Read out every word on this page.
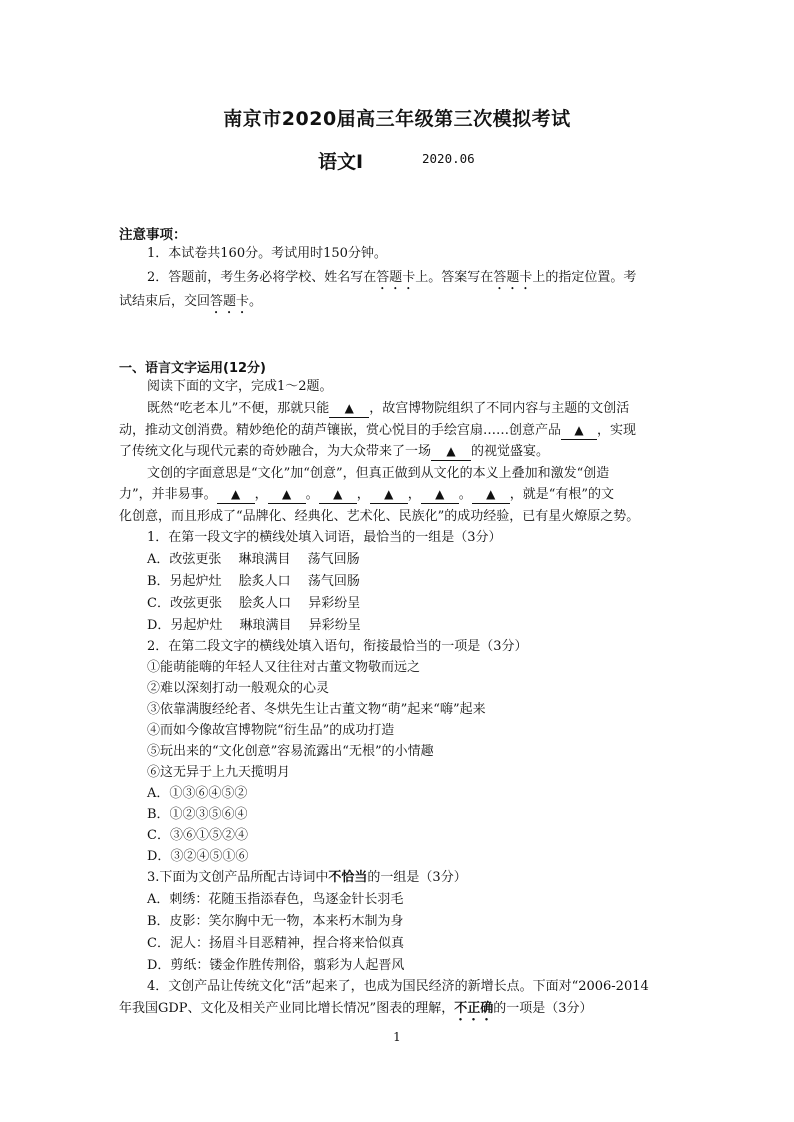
南京市2020届高三年级第三次模拟考试
语文Ⅰ	2020.06
注意事项：
1．本试卷共160分。考试用时150分钟。
2．答题前，考生务必将学校、姓名写在答题卡上。答案写在答题卡上的指定位置。考
试结束后，交回答题卡。
一、语言文字运用(12分)
阅读下面的文字，完成1～2题。
既然“吃老本儿”不便，那就只能 ▲ ，故宫博物院组织了不同内容与主题的文创活
动，推动文创消费。精妙绝伦的葫芦镶嵌，赏心悦目的手绘宫扇……创意产品 ▲ ，实现
了传统文化与现代元素的奇妙融合，为大众带来了一场 ▲ 的视觉盛宴。
文创的字面意思是“文化”加“创意”，但真正做到从文化的本义上叠加和激发“创造
力”，并非易事。 ▲ ， ▲ 。 ▲ ， ▲ ， ▲ 。 ▲ ，就是“有根”的文
化创意，而且形成了“品牌化、经典化、艺术化、民族化”的成功经验，已有星火燎原之势。
1．在第一段文字的横线处填入词语，最恰当的一组是（3分）
A．改弦更张　 琳琅满目　 荡气回肠
B．另起炉灶　 脍炙人口　 荡气回肠
C．改弦更张　 脍炙人口　 异彩纷呈
D．另起炉灶　 琳琅满目　 异彩纷呈
2．在第二段文字的横线处填入语句，衔接最恰当的一项是（3分）
①能萌能嗨的年轻人又往往对古董文物敬而远之
②难以深刻打动一般观众的心灵
③依靠满腹经纶者、冬烘先生让古董文物“萌”起来“嗨”起来
④而如今像故宫博物院“衍生品”的成功打造
⑤玩出来的“文化创意”容易流露出“无根”的小情趣
⑥这无异于上九天揽明月
A．①③⑥④⑤②
B．①②③⑤⑥④
C．③⑥①⑤②④
D．③②④⑤①⑥
3.下面为文创产品所配古诗词中不恰当的一组是（3分）
A．刺绣：花随玉指添春色，鸟逐金针长羽毛
B．皮影：笑尔胸中无一物，本来朽木制为身
C．泥人：扬眉斗目恶精神，捏合将来恰似真
D．剪纸：镂金作胜传荆俗，翦彩为人起晋风
4．文创产品让传统文化“活”起来了，也成为国民经济的新增长点。下面对“2006-2014
年我国GDP、文化及相关产业同比增长情况”图表的理解，不正确的一项是（3分）
1
